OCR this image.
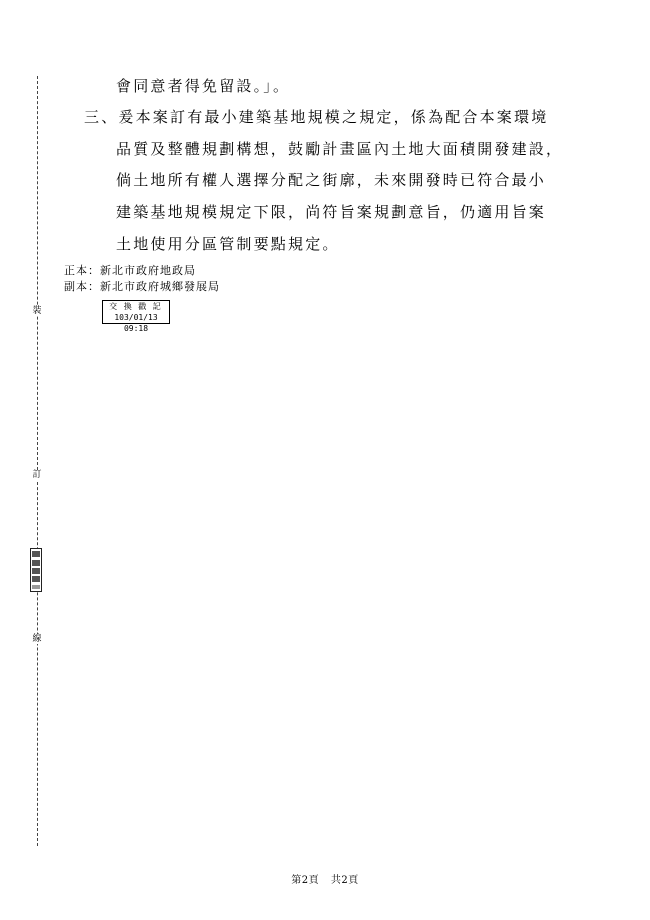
裝
訂
線
會同意者得免留設。」。
三、爰本案訂有最小建築基地規模之規定，係為配合本案環境
品質及整體規劃構想，鼓勵計畫區內土地大面積開發建設，
倘土地所有權人選擇分配之街廓，未來開發時已符合最小
建築基地規模規定下限，尚符旨案規劃意旨，仍適用旨案
土地使用分區管制要點規定。
正本：新北市政府地政局
副本：新北市政府城鄉發展局
交 換 戳 記
103/01/13 09:18
第2頁 共2頁
